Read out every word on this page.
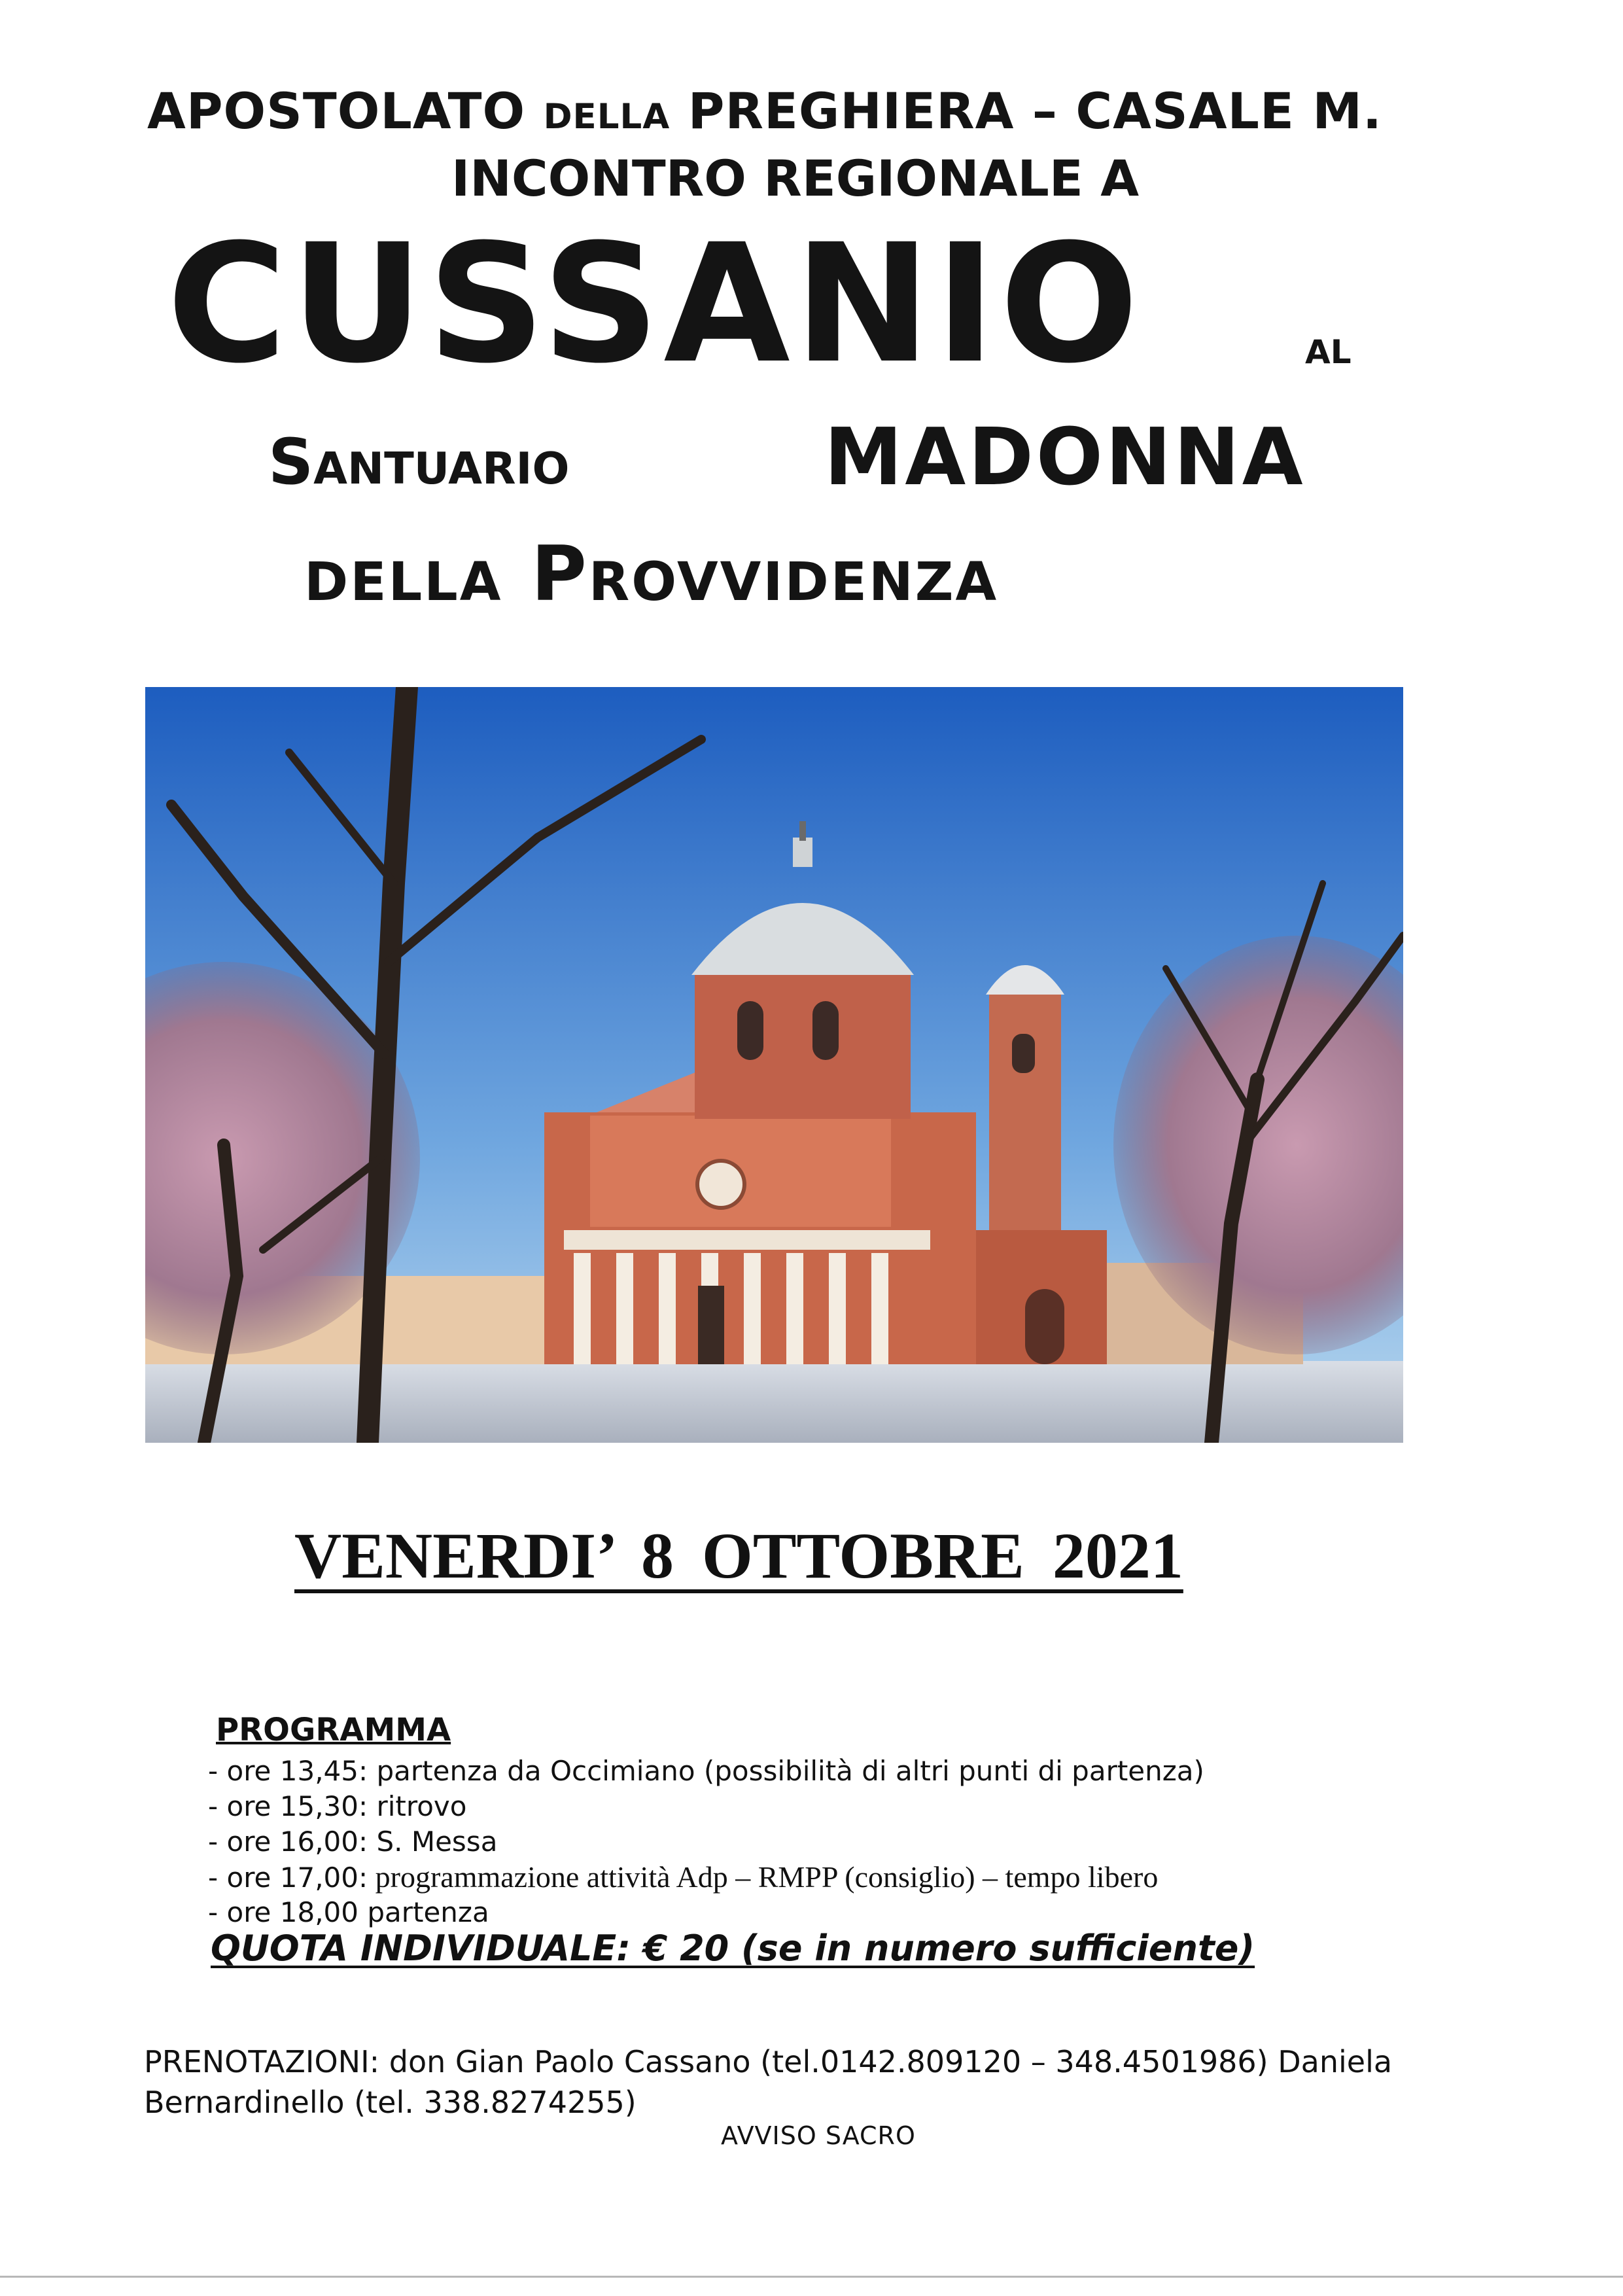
APOSTOLATO della PREGHIERA – CASALE M.
INCONTRO REGIONALE A
CUSSANIO	al
Santuario	MADONNA
della Provvidenza
VENERDI’ 8 OTTOBRE 2021
PROGRAMMA
- ore 13,45: partenza da Occimiano (possibilità di altri punti di partenza)
- ore 15,30: ritrovo
- ore 16,00: S. Messa
- ore 17,00: programmazione attività Adp – RMPP (consiglio) – tempo libero
- ore 18,00 partenza
QUOTA INDIVIDUALE: € 20 (se in numero sufficiente)
PRENOTAZIONI: don Gian Paolo Cassano (tel.0142.809120 – 348.4501986) Daniela Bernardinello (tel. 338.8274255)
AVVISO SACRO
